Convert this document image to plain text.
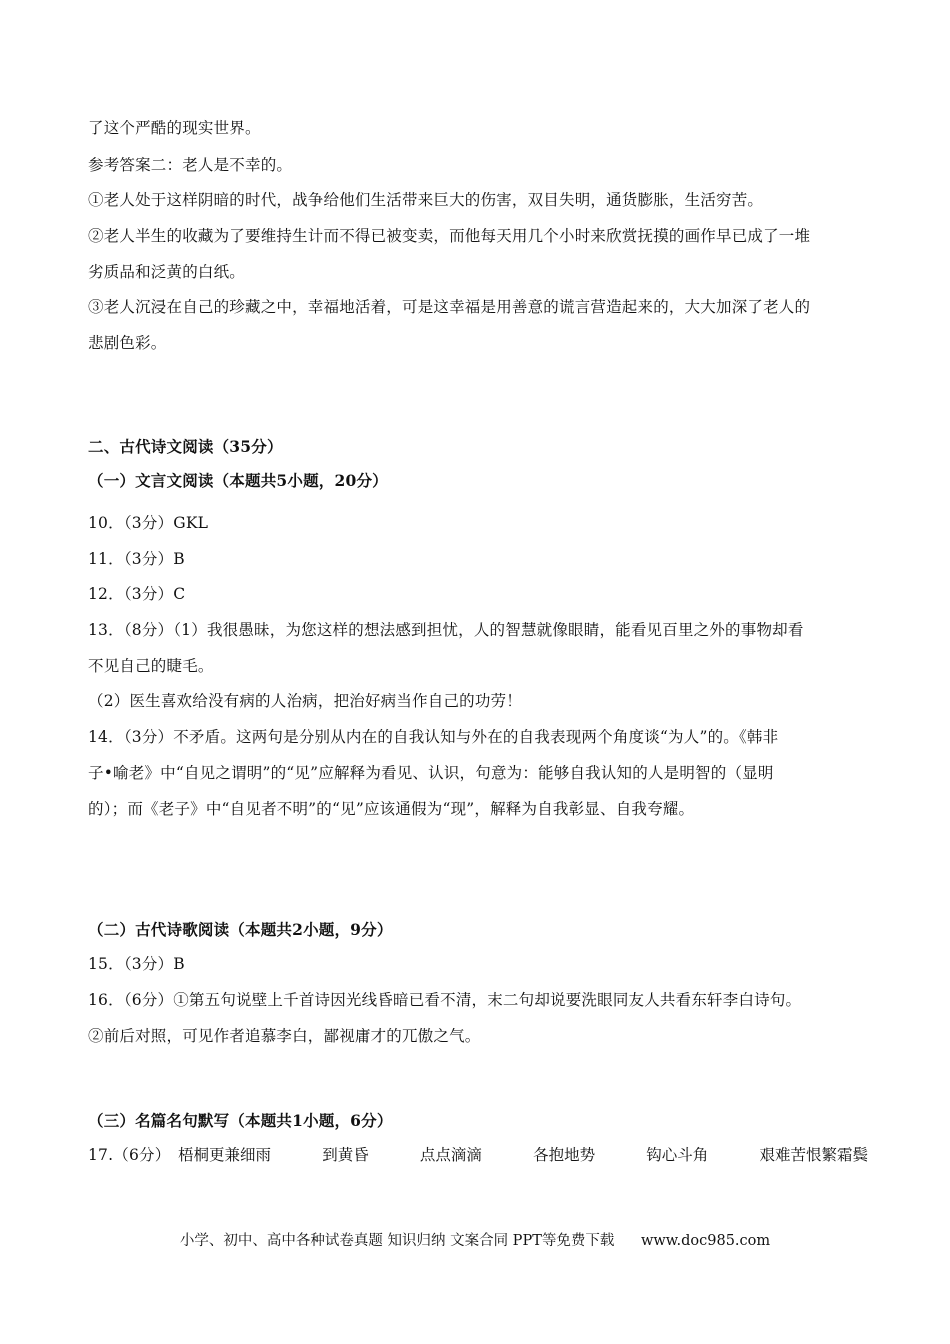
了这个严酷的现实世界。
参考答案二：老人是不幸的。
①老人处于这样阴暗的时代，战争给他们生活带来巨大的伤害，双目失明，通货膨胀，生活穷苦。
②老人半生的收藏为了要维持生计而不得已被变卖，而他每天用几个小时来欣赏抚摸的画作早已成了一堆
劣质品和泛黄的白纸。
③老人沉浸在自己的珍藏之中，幸福地活着，可是这幸福是用善意的谎言营造起来的，大大加深了老人的
悲剧色彩。
二、古代诗文阅读（35分）
（一）文言文阅读（本题共5小题，20分）
10．（3分）GKL
11．（3分）B
12．（3分）C
13．（8分）（1）我很愚昧，为您这样的想法感到担忧，人的智慧就像眼睛，能看见百里之外的事物却看
不见自己的睫毛。
（2）医生喜欢给没有病的人治病，把治好病当作自己的功劳！
14．（3分）不矛盾。这两句是分别从内在的自我认知与外在的自我表现两个角度谈“为人”的。《韩非
子•喻老》中“自见之谓明”的“见”应解释为看见、认识，句意为：能够自我认知的人是明智的（显明
的）；而《老子》中“自见者不明”的“见”应该通假为“现”，解释为自我彰显、自我夸耀。
（二）古代诗歌阅读（本题共2小题，9分）
15．（3分）B
16．（6分）①第五句说壁上千首诗因光线昏暗已看不清，末二句却说要洗眼同友人共看东轩李白诗句。
②前后对照，可见作者追慕李白，鄙视庸才的兀傲之气。
（三）名篇名句默写（本题共1小题，6分）
17.（6分） 梧桐更兼细雨	到黄昏	点点滴滴	各抱地势	钩心斗角	艰难苦恨繁霜鬓
小学、初中、高中各种试卷真题 知识归纳 文案合同 PPT等免费下载 www.doc985.com
